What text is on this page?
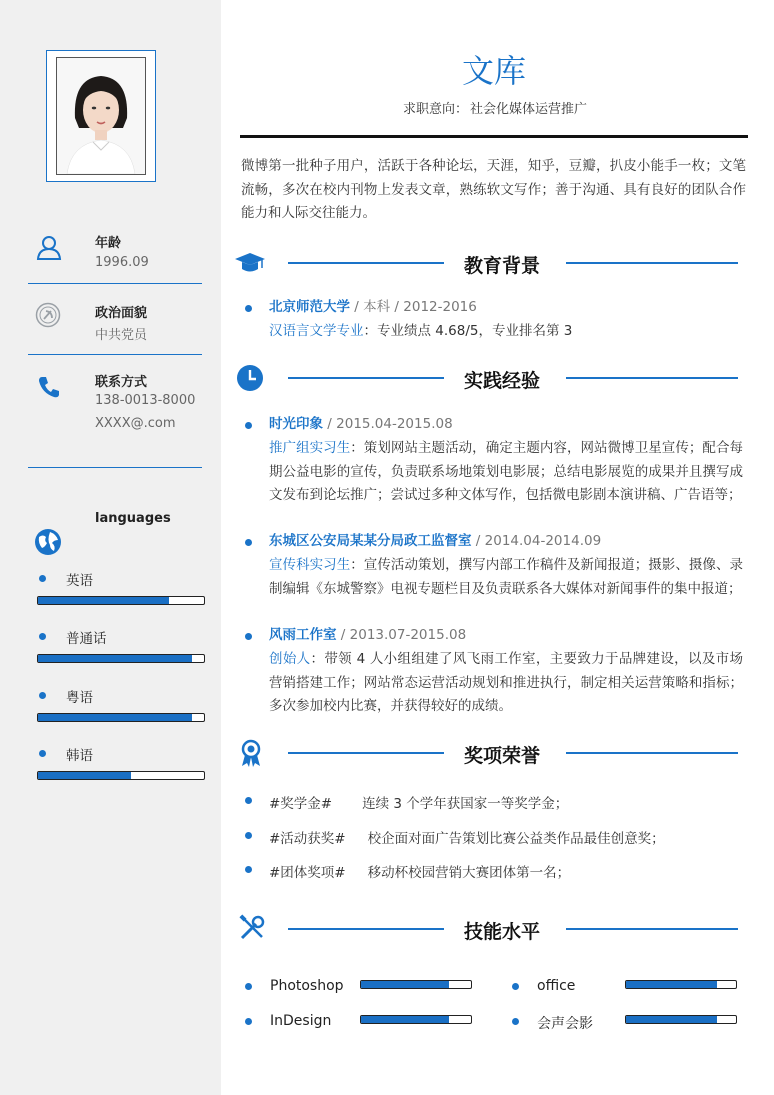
年龄
1996.09
政治面貌
中共党员
联系方式
138-0013-8000
XXXX@.com
languages
英语
普通话
粤语
韩语
文库
求职意向： 社会化媒体运营推广
微博第一批种子用户，活跃于各种论坛，天涯，知乎，豆瓣，扒皮小能手一枚；文笔流畅，多次在校内刊物上发表文章，熟练软文写作；善于沟通、具有良好的团队合作能力和人际交往能力。
教育背景
北京师范大学 / 本科 / 2012-2016
汉语言文学专业：专业绩点 4.68/5，专业排名第 3
实践经验
时光印象 / 2015.04-2015.08
推广组实习生：策划网站主题活动，确定主题内容，网站微博卫星宣传；配合每期公益电影的宣传，负责联系场地策划电影展；总结电影展览的成果并且撰写成文发布到论坛推广；尝试过多种文体写作，包括微电影剧本演讲稿、广告语等；
东城区公安局某某分局政工监督室 / 2014.04-2014.09
宣传科实习生：宣传活动策划，撰写内部工作稿件及新闻报道；摄影、摄像、录制编辑《东城警察》电视专题栏目及负责联系各大媒体对新闻事件的集中报道；
风雨工作室 / 2013.07-2015.08
创始人：带领 4 人小组组建了风飞雨工作室，主要致力于品牌建设，以及市场营销搭建工作；网站常态运营活动规划和推进执行，制定相关运营策略和指标；多次参加校内比赛，并获得较好的成绩。
奖项荣誉
#奖学金# 连续 3 个学年获国家一等奖学金；
#活动获奖# 校企面对面广告策划比赛公益类作品最佳创意奖；
#团体奖项# 移动杯校园营销大赛团体第一名；
技能水平
Photoshop	office
InDesign	会声会影
